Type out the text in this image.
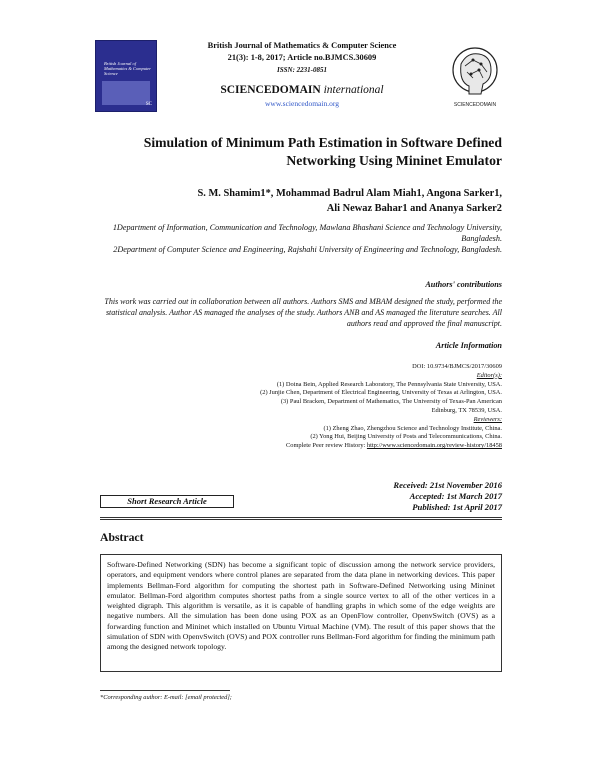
British Journal of Mathematics & Computer Science
SC	SCIENCEDOMAIN
British Journal of Mathematics & Computer Science
21(3): 1-8, 2017; Article no.BJMCS.30609
ISSN: 2231-0851
SCIENCEDOMAIN international
www.sciencedomain.org
Simulation of Minimum Path Estimation in Software Defined
Networking Using Mininet Emulator
S. M. Shamim1*, Mohammad Badrul Alam Miah1, Angona Sarker1,
Ali Newaz Bahar1 and Ananya Sarker2
1Department of Information, Communication and Technology, Mawlana Bhashani Science and Technology University, Bangladesh.
2Department of Computer Science and Engineering, Rajshahi University of Engineering and Technology, Bangladesh.
Authors' contributions
This work was carried out in collaboration between all authors. Authors SMS and MBAM designed the study, performed the statistical analysis. Author AS managed the analyses of the study. Authors ANB and AS managed the literature searches. All authors read and approved the final manuscript.
Article Information
DOI: 10.9734/BJMCS/2017/30609
Editor(s):
(1) Doina Bein, Applied Research Laboratory, The Pennsylvania State University, USA.
(2) Junjie Chen, Department of Electrical Engineering, University of Texas at Arlington, USA.
(3) Paul Bracken, Department of Mathematics, The University of Texas-Pan American
Edinburg, TX 78539, USA.
Reviewers:
(1) Zheng Zhao, Zhengzhou Science and Technology Institute, China.
(2) Yong Hui, Beijing University of Posts and Telecommunications, China.
Complete Peer review History: http://www.sciencedomain.org/review-history/18458
Received: 21st November 2016
Accepted: 1st March 2017
Published: 1st April 2017
Short Research Article
Abstract
Software-Defined Networking (SDN) has become a significant topic of discussion among the network service providers, operators, and equipment vendors where control planes are separated from the data plane in networking devices. This paper implements Bellman-Ford algorithm for computing the shortest path in Software-Defined Networking using Mininet emulator. Bellman-Ford algorithm computes shortest paths from a single source vertex to all of the other vertices in a weighted digraph. This algorithm is versatile, as it is capable of handling graphs in which some of the edge weights are negative numbers. All the simulation has been done using POX as an OpenFlow controller, OpenvSwitch (OVS) as a forwarding function and Mininet which installed on Ubuntu Virtual Machine (VM). The result of this paper shows that the simulation of SDN with OpenvSwitch (OVS) and POX controller runs Bellman-Ford algorithm for finding the minimum path among the designed network topology.
*Corresponding author: E-mail: [email protected];
